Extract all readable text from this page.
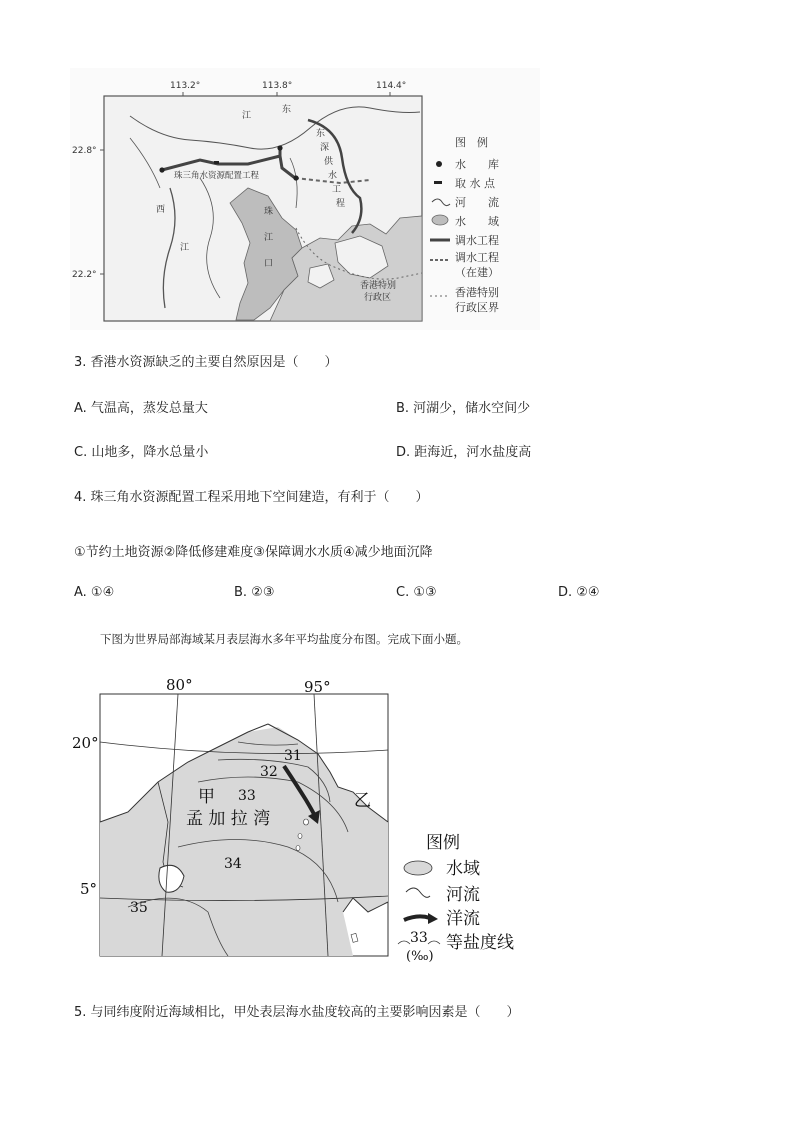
113.2°	113.8°	114.4°
22.8°
22.2°
江
东
西
江
珠
江
口
珠三角水资源配置工程
东
深
供
水
工
程
香港特别
行政区
图　例
水　　库
取 水 点
河　　流
水　　域
调水工程
调水工程
（在建）
香港特别
行政区界
3. 香港水资源缺乏的主要自然原因是（　　）
A. 气温高，蒸发总量大	B. 河湖少，储水空间少
C. 山地多，降水总量小	D. 距海近，河水盐度高
4. 珠三角水资源配置工程采用地下空间建造，有利于（　　）
①节约土地资源②降低修建难度③保障调水水质④减少地面沉降
A. ①④	B. ②③	C. ①③	D. ②④
下图为世界局部海域某月表层海水多年平均盐度分布图。完成下面小题。
80°	95°
20°
5°
31
32
33
34
35
甲	乙
孟 加 拉 湾
图例
水域
河流
洋流
33
(‰)
等盐度线
5. 与同纬度附近海域相比，甲处表层海水盐度较高的主要影响因素是（　　）
